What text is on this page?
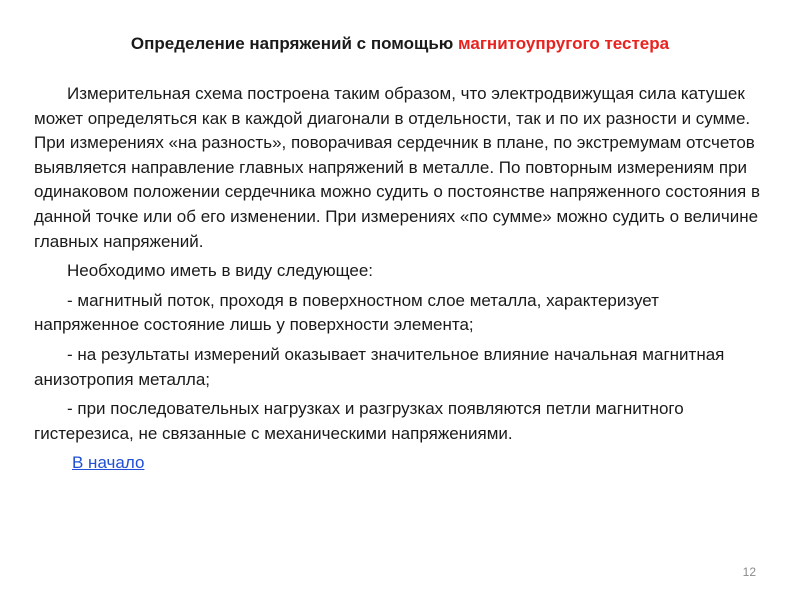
Определение напряжений с помощью магнитоупругого тестера

Измерительная схема построена таким образом, что электродвижущая сила катушек может определяться как в каждой диагонали в отдельности, так и по их разности и сумме. При измерениях «на разность», поворачивая сердечник в плане, по экстремумам отсчетов выявляется направление главных напряжений в металле. По повторным измерениям при одинаковом положении сердечника можно судить о постоянстве напряженного состояния в данной точке или об его изменении. При измерениях «по сумме» можно судить о величине главных напряжений.

Необходимо иметь в виду следующее:

- магнитный поток, проходя в поверхностном слое металла, характеризует напряженное состояние лишь у поверхности элемента;

- на результаты измерений оказывает значительное влияние начальная магнитная анизотропия металла;

- при последовательных нагрузках и разгрузках появляются петли магнитного гистерезиса, не связанные с механическими напряжениями.

В начало
12
